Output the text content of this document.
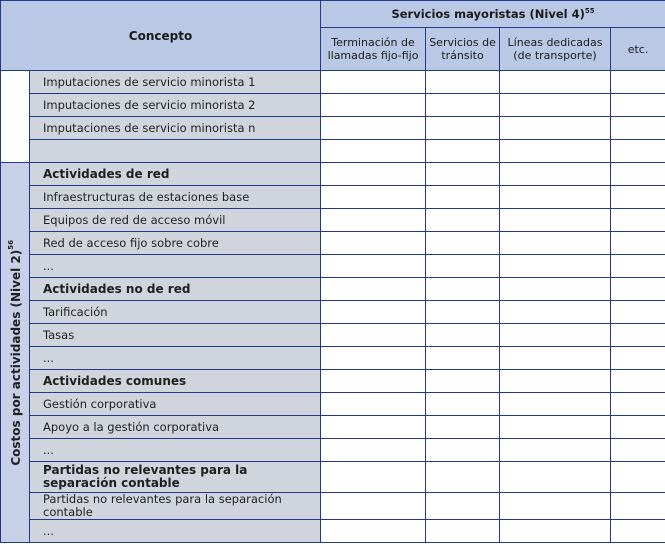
Concepto		Servicios mayoristas (Nivel 4)$^{55}$
		Terminación de llamadas fijo-fijo	Servicios de tránsito	Líneas dedicadas (de transporte)	etc.
	Imputaciones de servicio minorista 1				
	Imputaciones de servicio minorista 2				
	Imputaciones de servicio minorista n				

Costos por actividades (Nivel 2)$^{56}$	Actividades de red				
	Infraestructuras de estaciones base				
	Equipos de red de acceso móvil				
	Red de acceso fijo sobre cobre				
	...				
	Actividades no de red				
	Tarificación				
	Tasas				
	...				
	Actividades comunes				
	Gestión corporativa				
	Apoyo a la gestión corporativa				
	...				
	Partidas no relevantes para la separación contable				
	Partidas no relevantes para la separación contable				
	...				
